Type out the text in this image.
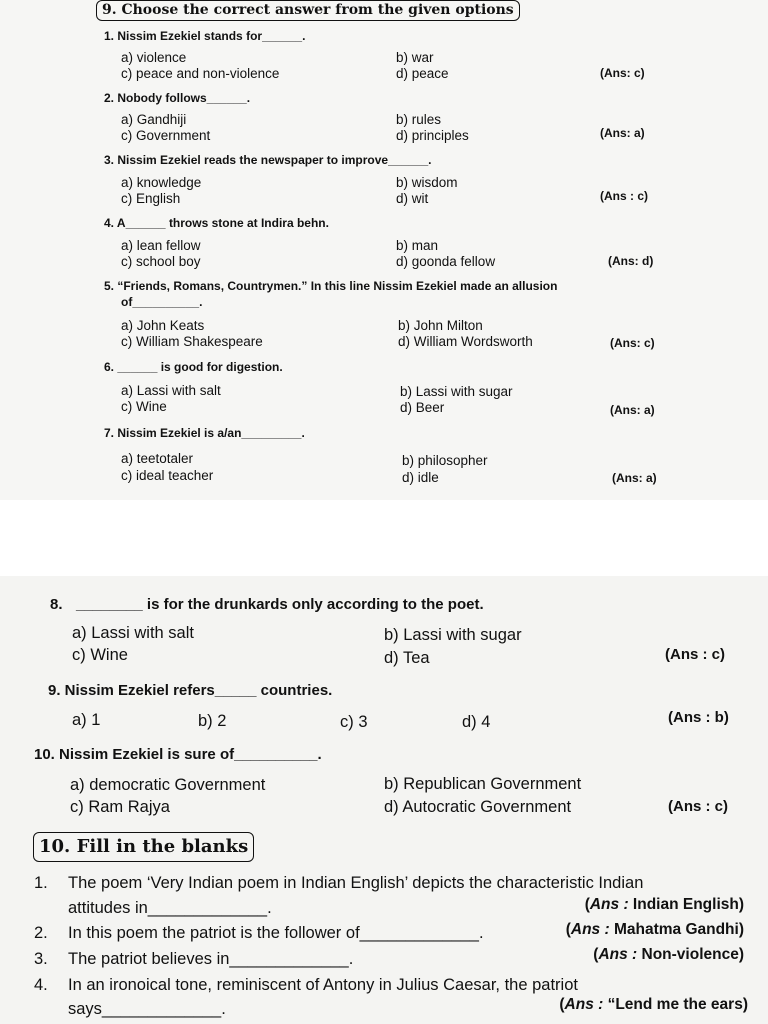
9. Choose the correct answer from the given options
1. Nissim Ezekiel stands for______.
a) violence	b) war
c) peace and non-violence	d) peace	(Ans: c)
2. Nobody follows______.
a) Gandhiji	b) rules
c) Government	d) principles	(Ans: a)
3. Nissim Ezekiel reads the newspaper to improve______.
a) knowledge	b) wisdom
c) English	d) wit	(Ans : c)
4. A______ throws stone at Indira behn.
a) lean fellow	b) man
c) school boy	d) goonda fellow	(Ans: d)
5. “Friends, Romans, Countrymen.” In this line Nissim Ezekiel made an allusion
of__________.
a) John Keats	b) John Milton
c) William Shakespeare	d) William Wordsworth	(Ans: c)
6. ______ is good for digestion.
a) Lassi with salt	b) Lassi with sugar
c) Wine	d) Beer	(Ans: a)
7. Nissim Ezekiel is a/an_________.
a) teetotaler	b) philosopher
c) ideal teacher	d) idle	(Ans: a)
8. ________ is for the drunkards only according to the poet.
a) Lassi with salt	b) Lassi with sugar
c) Wine	d) Tea	(Ans : c)
9. Nissim Ezekiel refers_____ countries.
a) 1	b) 2	c) 3	d) 4	(Ans : b)
10. Nissim Ezekiel is sure of__________.
a) democratic Government	b) Republican Government
c) Ram Rajya	d) Autocratic Government	(Ans : c)
10. Fill in the blanks
1. The poem ‘Very Indian poem in Indian English’ depicts the characteristic Indian
attitudes in_____________.	(Ans : Indian English)
2. In this poem the patriot is the follower of_____________.	(Ans : Mahatma Gandhi)
3. The patriot believes in_____________.	(Ans : Non-violence)
4. In an ironoical tone, reminiscent of Antony in Julius Caesar, the patriot
says_____________.	(Ans : “Lend me the ears)
